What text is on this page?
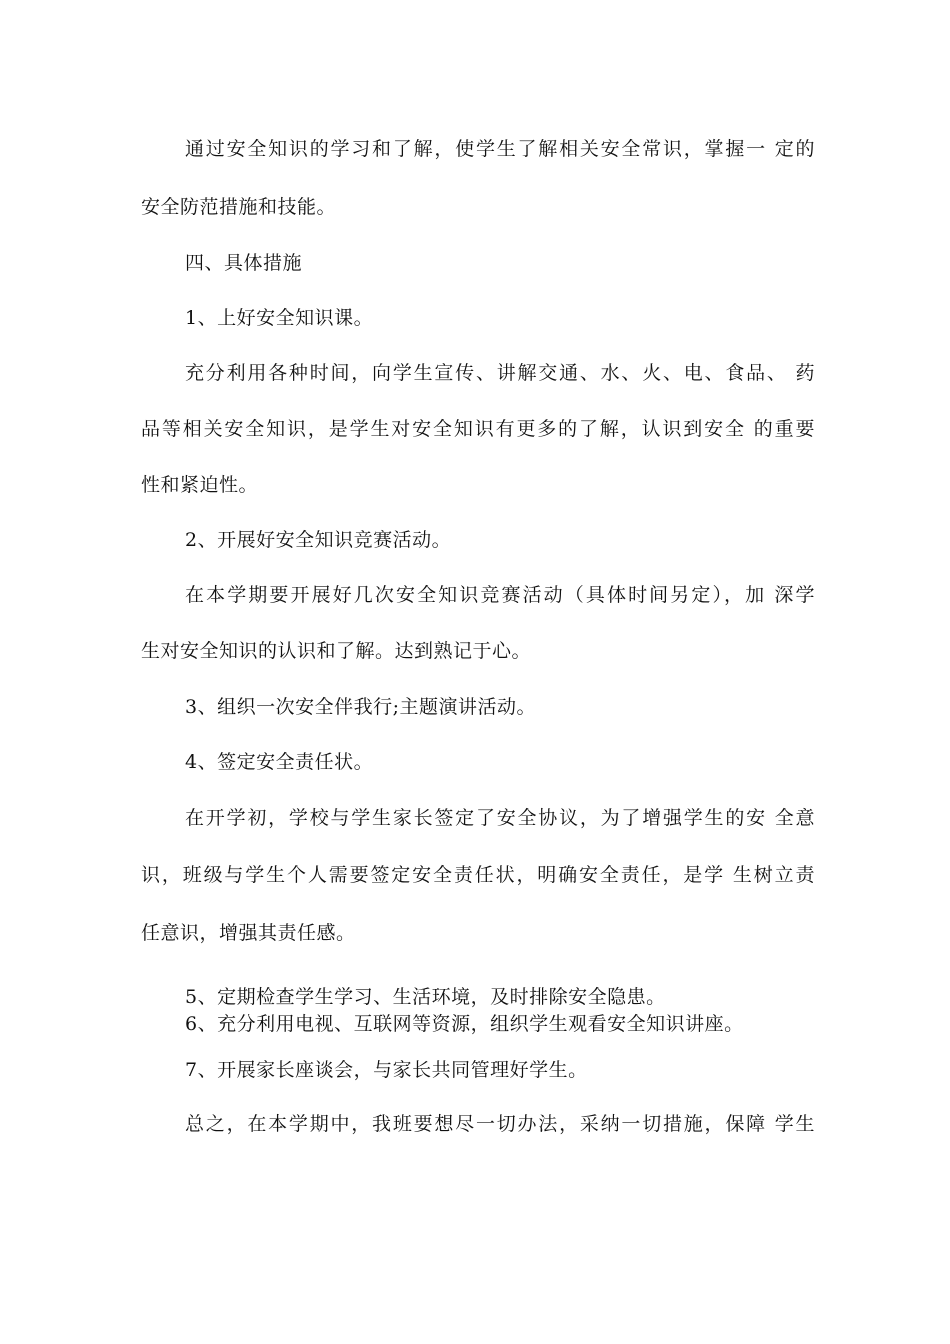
通过安全知识的学习和了解，使学生了解相关安全常识，掌握一 定的
安全防范措施和技能。
四、具体措施
1、上好安全知识课。
充分利用各种时间，向学生宣传、讲解交通、水、火、电、食品、 药
品等相关安全知识，是学生对安全知识有更多的了解，认识到安全 的重要
性和紧迫性。
2、开展好安全知识竞赛活动。
在本学期要开展好几次安全知识竞赛活动（具体时间另定），加 深学
生对安全知识的认识和了解。达到熟记于心。
3、组织一次安全伴我行;主题演讲活动。
4、签定安全责任状。
在开学初，学校与学生家长签定了安全协议，为了增强学生的安 全意
识，班级与学生个人需要签定安全责任状，明确安全责任，是学 生树立责
任意识，增强其责任感。
5、定期检查学生学习、生活环境，及时排除安全隐患。
6、充分利用电视、互联网等资源，组织学生观看安全知识讲座。
7、开展家长座谈会，与家长共同管理好学生。
总之，在本学期中，我班要想尽一切办法，采纳一切措施，保障 学生
